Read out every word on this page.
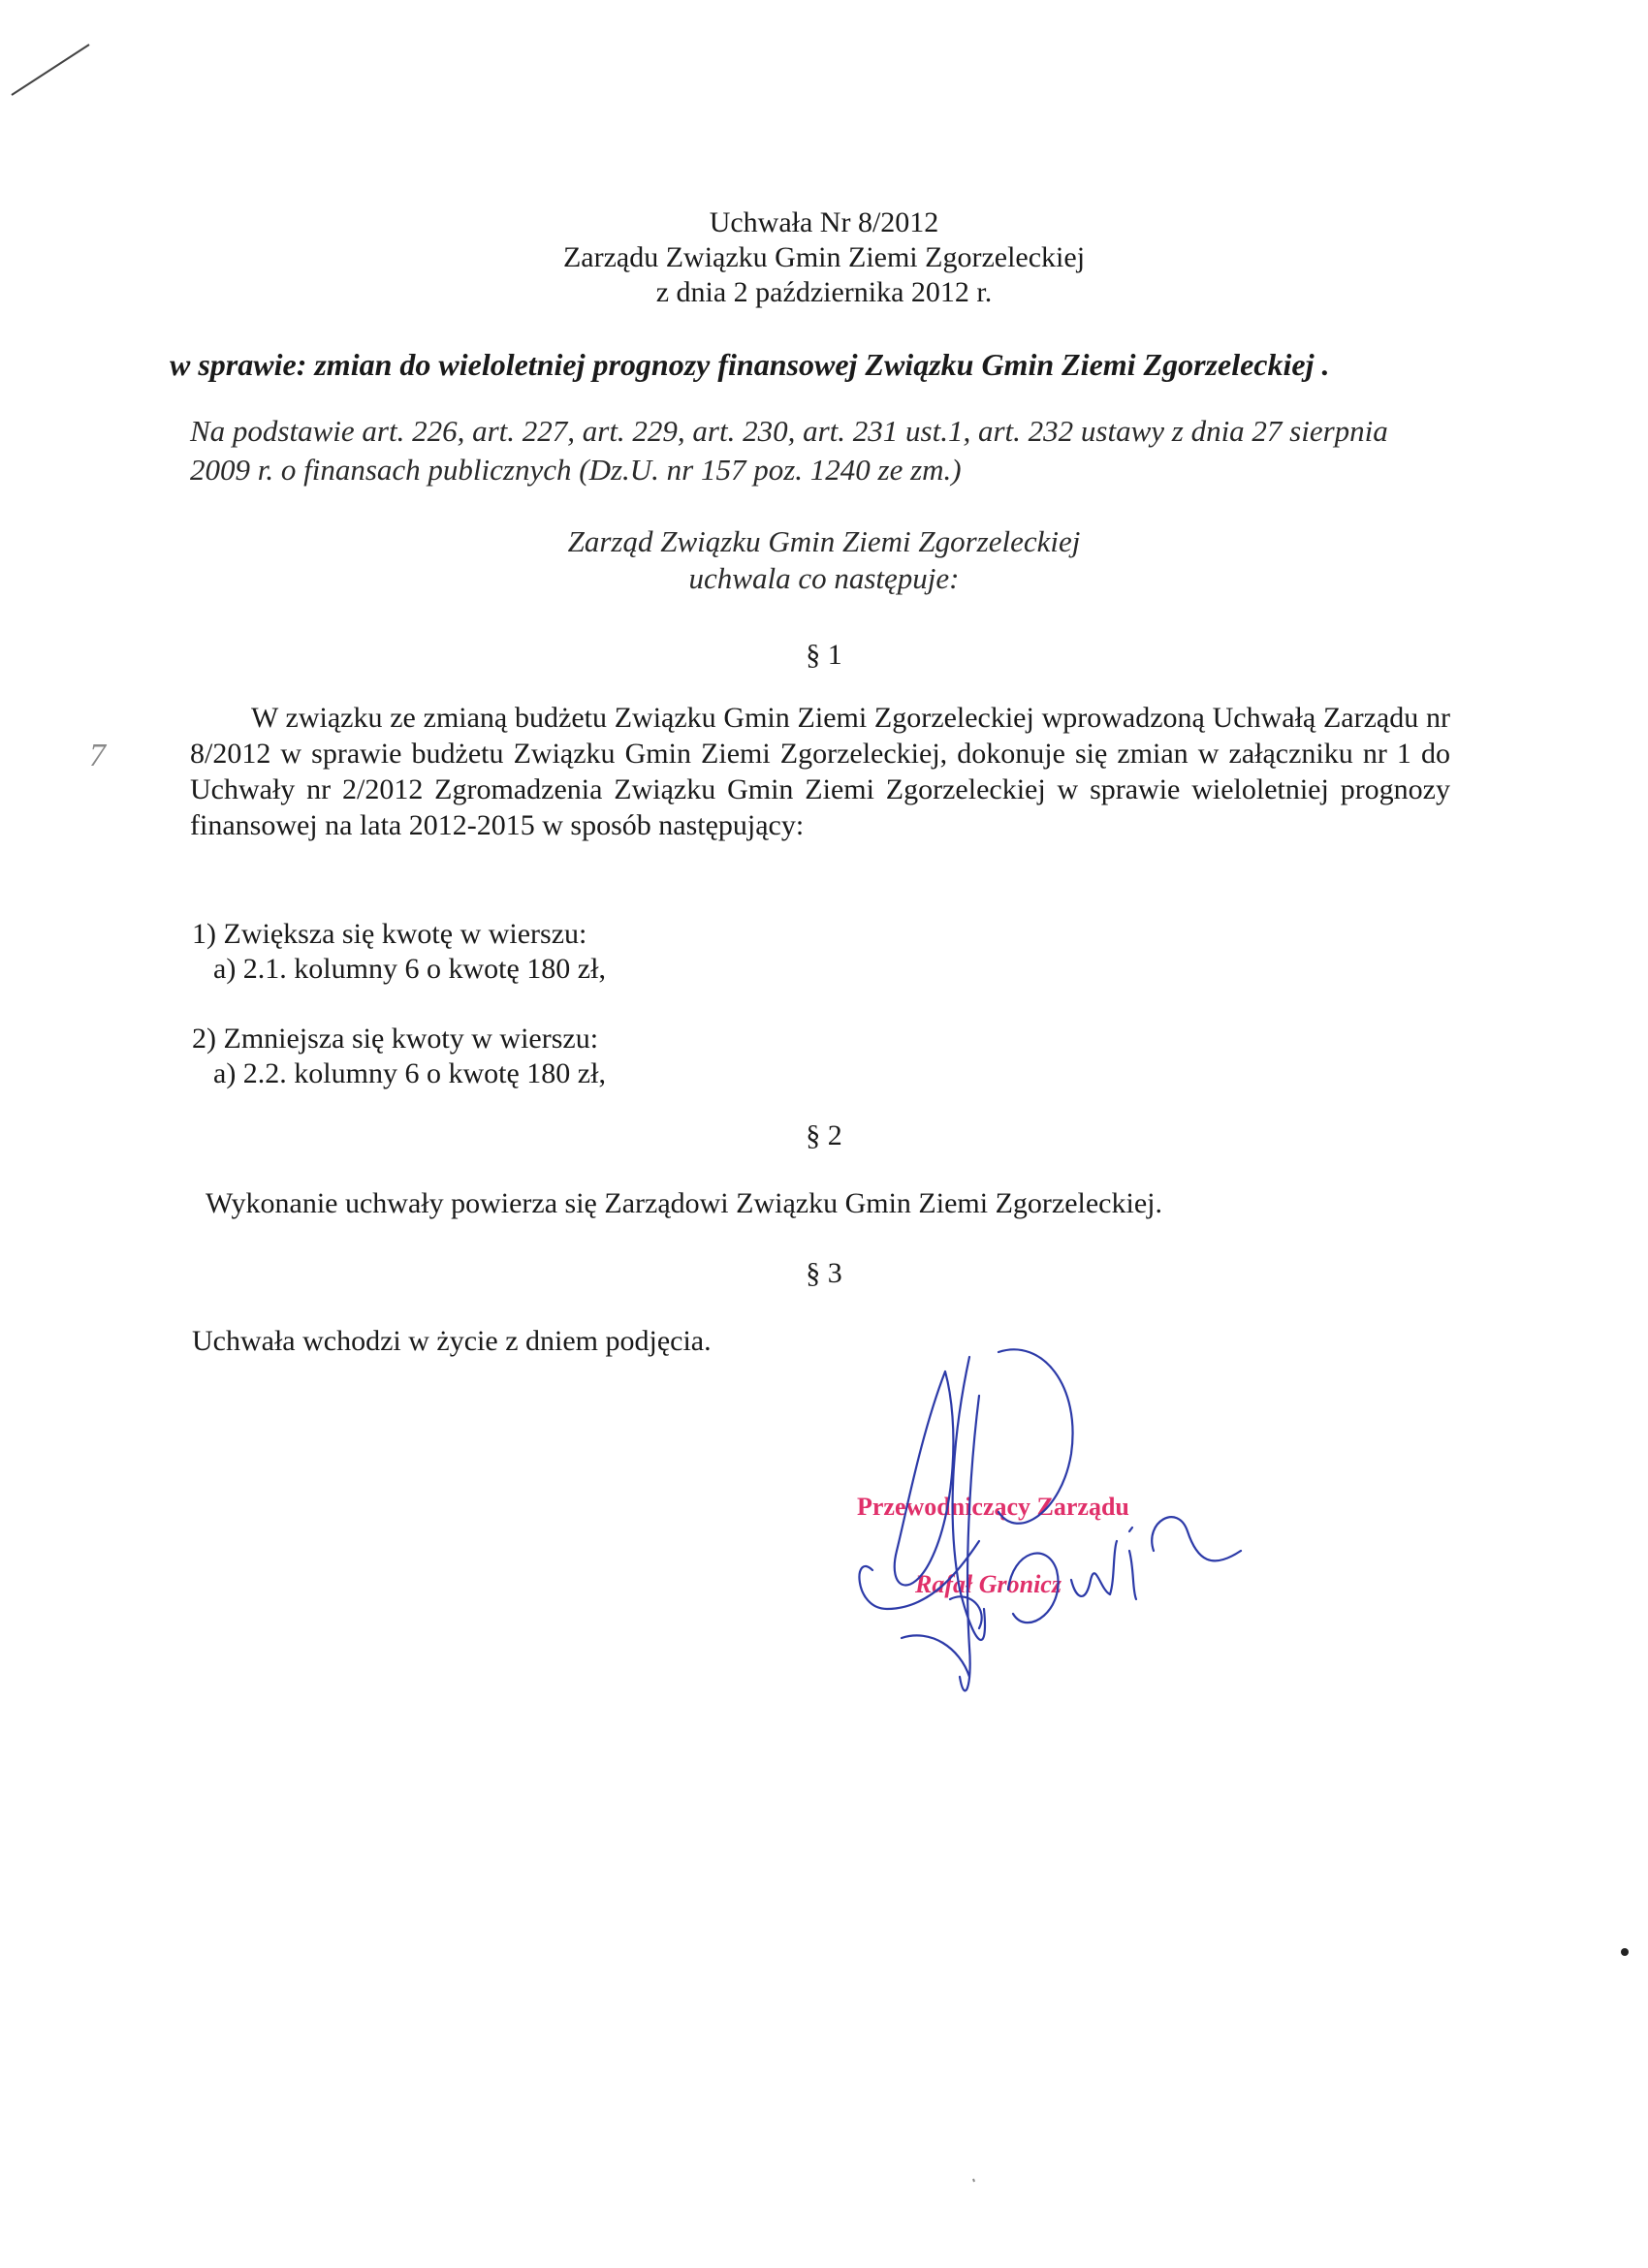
Uchwała Nr 8/2012
Zarządu Związku Gmin Ziemi Zgorzeleckiej
z dnia 2 października 2012 r.
w sprawie: zmian do wieloletniej prognozy finansowej Związku Gmin Ziemi Zgorzeleckiej .
Na podstawie art. 226, art. 227, art. 229, art. 230, art. 231 ust.1, art. 232 ustawy z dnia 27 sierpnia 2009 r. o finansach publicznych (Dz.U. nr 157 poz. 1240 ze zm.)
Zarząd Związku Gmin Ziemi Zgorzeleckiej
uchwala co następuje:
§ 1
W związku ze zmianą budżetu Związku Gmin Ziemi Zgorzeleckiej wprowadzoną Uchwałą Zarządu nr 8/2012 w sprawie budżetu Związku Gmin Ziemi Zgorzeleckiej, dokonuje się zmian w załączniku nr 1 do Uchwały nr 2/2012 Zgromadzenia Związku Gmin Ziemi Zgorzeleckiej w sprawie wieloletniej prognozy finansowej na lata 2012-2015 w sposób następujący:
7
1) Zwiększa się kwotę w wierszu:
a) 2.1. kolumny 6 o kwotę 180 zł,
2) Zmniejsza się kwoty w wierszu:
a) 2.2. kolumny 6 o kwotę 180 zł,
§ 2
Wykonanie uchwały powierza się Zarządowi Związku Gmin Ziemi Zgorzeleckiej.
§ 3
Uchwała wchodzi w życie z dniem podjęcia.
Przewodniczący Zarządu
Rafał Gronicz
